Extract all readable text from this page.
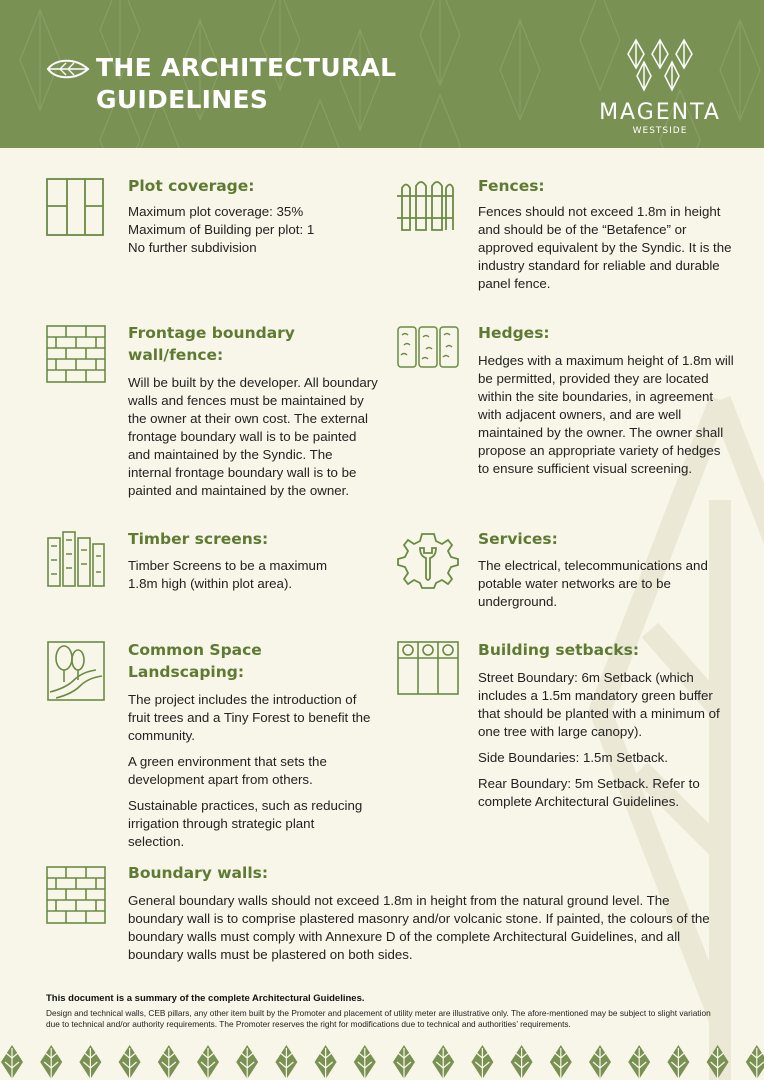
THE ARCHITECTURAL
GUIDELINES	MAGENTA
WESTSIDE
Plot coverage:

Maximum plot coverage: 35%

Maximum of Building per plot: 1

No further subdivision

Fences:

Fences should not exceed 1.8m in height and should be of the “Betafence” or approved equivalent by the Syndic. It is the industry standard for reliable and durable panel fence.

Frontage boundary
wall/fence:

Will be built by the developer. All boundary walls and fences must be maintained by the owner at their own cost. The external frontage boundary wall is to be painted and maintained by the Syndic. The internal frontage boundary wall is to be painted and maintained by the owner.

Hedges:

Hedges with a maximum height of 1.8m will be permitted, provided they are located within the site boundaries, in agreement with adjacent owners, and are well maintained by the owner. The owner shall propose an appropriate variety of hedges to ensure sufficient visual screening.

Timber screens:

Timber Screens to be a maximum 1.8m high (within plot area).

Services:

The electrical, telecommunications and potable water networks are to be underground.

Common Space Landscaping:

The project includes the introduction of fruit trees and a Tiny Forest to benefit the community.

A green environment that sets the development apart from others.

Sustainable practices, such as reducing irrigation through strategic plant selection.

Building setbacks:

Street Boundary: 6m Setback (which includes a 1.5m mandatory green buffer that should be planted with a minimum of one tree with large canopy).

Side Boundaries: 1.5m Setback.

Rear Boundary: 5m Setback. Refer to complete Architectural Guidelines.

Boundary walls:

General boundary walls should not exceed 1.8m in height from the natural ground level. The boundary wall is to comprise plastered masonry and/or volcanic stone. If painted, the colours of the boundary walls must comply with Annexure D of the complete Architectural Guidelines, and all boundary walls must be plastered on both sides.

This document is a summary of the complete Architectural Guidelines.
Design and technical walls, CEB pillars, any other item built by the Promoter and placement of utility meter are illustrative only. The afore-mentioned may be subject to slight variation due to technical and/or authority requirements. The Promoter reserves the right for modifications due to technical and authorities’ requirements.
